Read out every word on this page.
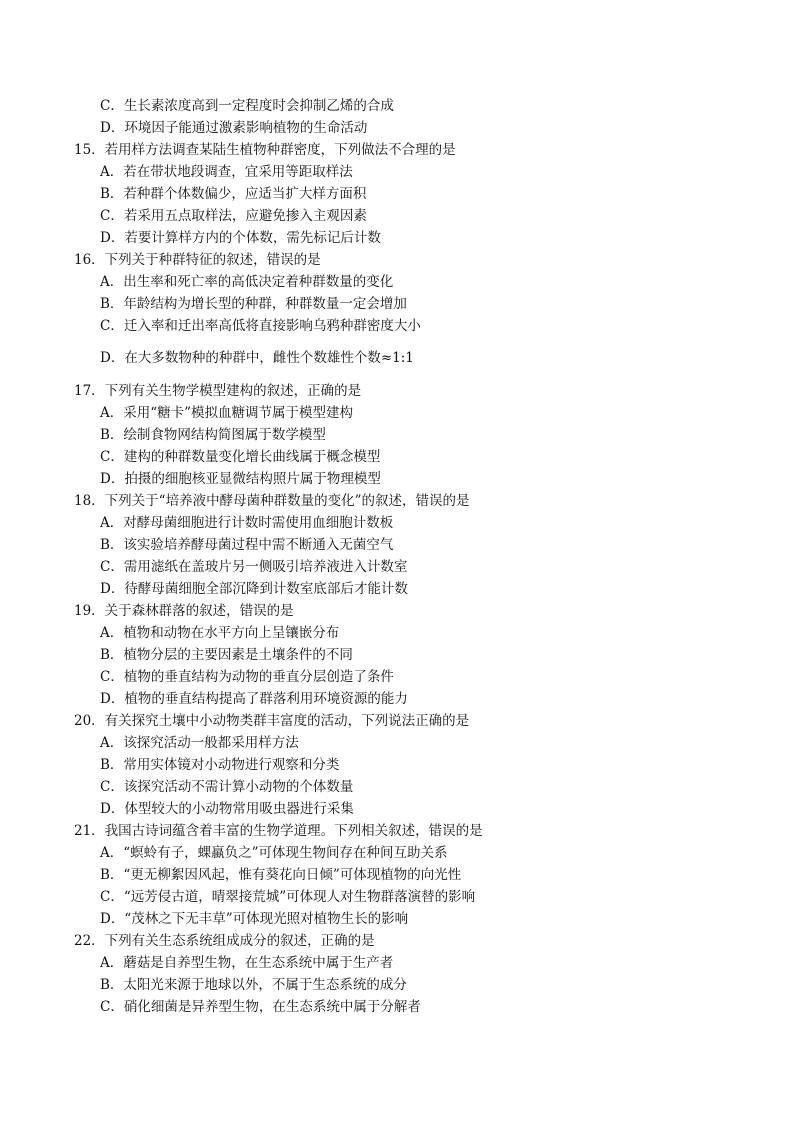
C．生长素浓度高到一定程度时会抑制乙烯的合成
D．环境因子能通过激素影响植物的生命活动
15．若用样方法调查某陆生植物种群密度，下列做法不合理的是
A．若在带状地段调查，宜采用等距取样法
B．若种群个体数偏少，应适当扩大样方面积
C．若采用五点取样法，应避免掺入主观因素
D．若要计算样方内的个体数，需先标记后计数
16．下列关于种群特征的叙述，错误的是
A．出生率和死亡率的高低决定着种群数量的变化
B．年龄结构为增长型的种群，种群数量一定会增加
C．迁入率和迁出率高低将直接影响乌鸦种群密度大小
D．在大多数物种的种群中，雌性个数雄性个数≈1:1
17．下列有关生物学模型建构的叙述，正确的是
A．采用“糖卡”模拟血糖调节属于模型建构
B．绘制食物网结构简图属于数学模型
C．建构的种群数量变化增长曲线属于概念模型
D．拍摄的细胞核亚显微结构照片属于物理模型
18．下列关于“培养液中酵母菌种群数量的变化”的叙述，错误的是
A．对酵母菌细胞进行计数时需使用血细胞计数板
B．该实验培养酵母菌过程中需不断通入无菌空气
C．需用滤纸在盖玻片另一侧吸引培养液进入计数室
D．待酵母菌细胞全部沉降到计数室底部后才能计数
19．关于森林群落的叙述，错误的是
A．植物和动物在水平方向上呈镶嵌分布
B．植物分层的主要因素是土壤条件的不同
C．植物的垂直结构为动物的垂直分层创造了条件
D．植物的垂直结构提高了群落利用环境资源的能力
20．有关探究土壤中小动物类群丰富度的活动，下列说法正确的是
A．该探究活动一般都采用样方法
B．常用实体镜对小动物进行观察和分类
C．该探究活动不需计算小动物的个体数量
D．体型较大的小动物常用吸虫器进行采集
21．我国古诗词蕴含着丰富的生物学道理。下列相关叙述，错误的是
A．“螟蛉有子，蜾蠃负之”可体现生物间存在种间互助关系
B．“更无柳絮因风起，惟有葵花向日倾”可体现植物的向光性
C．“远芳侵古道，晴翠接荒城”可体现人对生物群落演替的影响
D．“茂林之下无丰草”可体现光照对植物生长的影响
22．下列有关生态系统组成成分的叙述，正确的是
A．蘑菇是自养型生物，在生态系统中属于生产者
B．太阳光来源于地球以外，不属于生态系统的成分
C．硝化细菌是异养型生物，在生态系统中属于分解者
